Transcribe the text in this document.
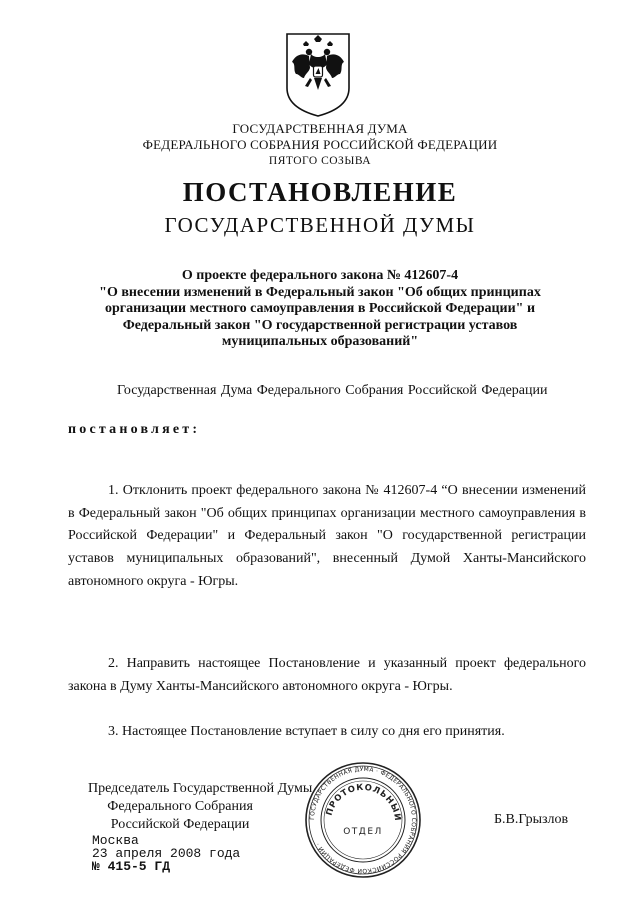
ГОСУДАРСТВЕННАЯ ДУМА
ФЕДЕРАЛЬНОГО СОБРАНИЯ РОССИЙСКОЙ ФЕДЕРАЦИИ
ПЯТОГО СОЗЫВА
ПОСТАНОВЛЕНИЕ
ГОСУДАРСТВЕННОЙ ДУМЫ
О проекте федерального закона № 412607-4
"О внесении изменений в Федеральный закон "Об общих принципах
организации местного самоуправления в Российской Федерации" и
Федеральный закон "О государственной регистрации уставов
муниципальных образований"
Государственная Дума Федерального Собрания Российской Федерации
постановляет:
1. Отклонить проект федерального закона № 412607-4 “О внесении изменений в Федеральный закон "Об общих принципах организации местного самоуправления в Российской Федерации" и Федеральный закон "О государственной регистрации уставов муниципальных образований", внесенный Думой Ханты-Мансийского автономного округа - Югры.
2. Направить настоящее Постановление и указанный проект федерального закона в Думу Ханты-Мансийского автономного округа - Югры.
3. Настоящее Постановление вступает в силу со дня его принятия.
Председатель Государственной Думы
Федерального Собрания
Российской Федерации	ГОСУДАРСТВЕННАЯ ДУМА · ФЕДЕРАЛЬНОГО СОБРАНИЯ РОССИЙСКОЙ ФЕДЕРАЦИИ ·
ПРОТОКОЛЬНЫЙ
ОТДЕЛ
Б.В.Грызлов
Москва
23 апреля 2008 года
№ 415-5 ГД
